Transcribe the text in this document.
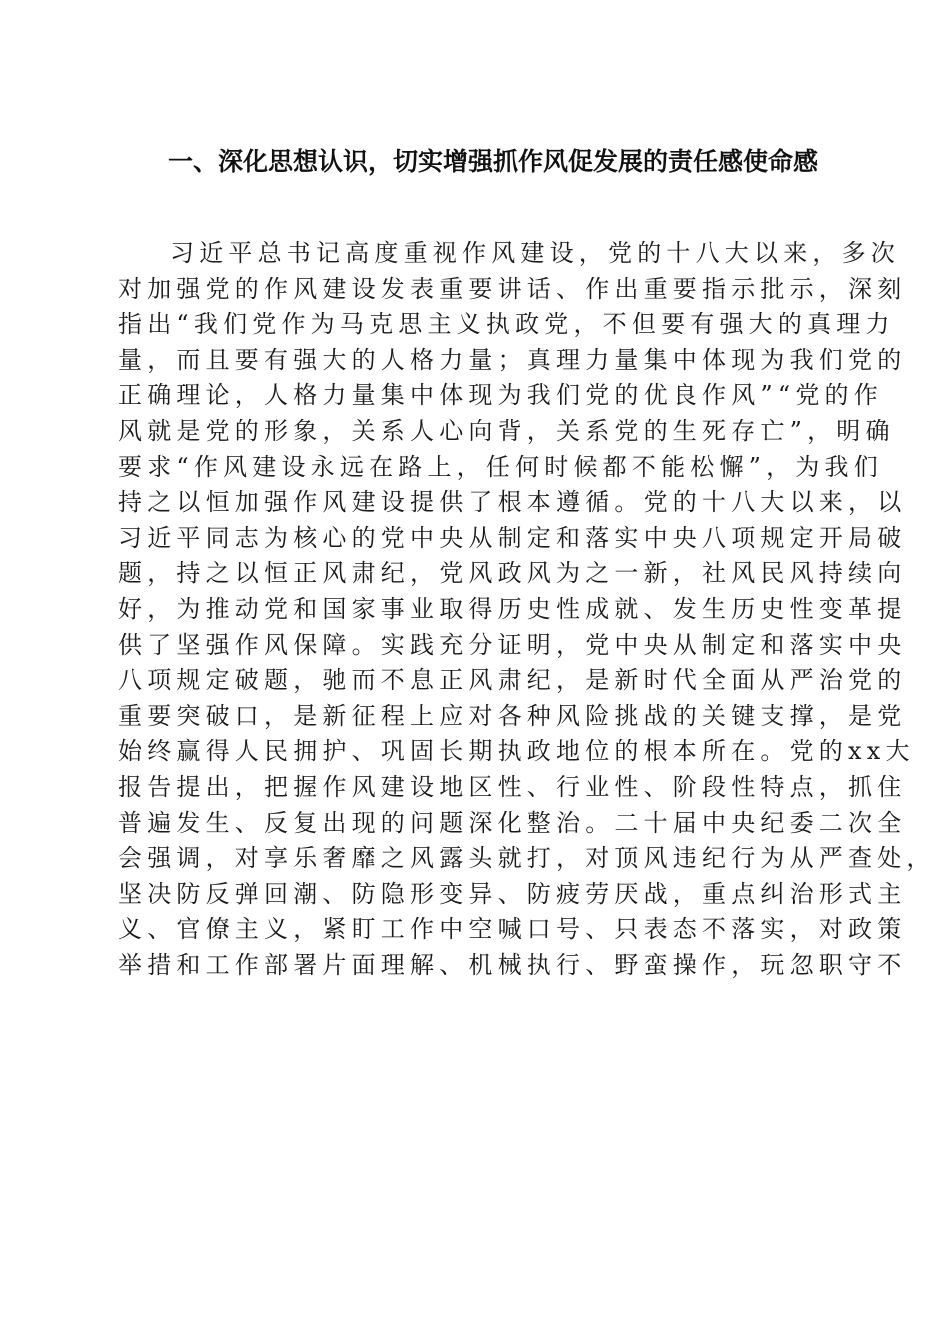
一、深化思想认识，切实增强抓作风促发展的责任感使命感
习近平总书记高度重视作风建设，党的十八大以来，多次
对加强党的作风建设发表重要讲话、作出重要指示批示，深刻
指出“我们党作为马克思主义执政党，不但要有强大的真理力
量，而且要有强大的人格力量；真理力量集中体现为我们党的
正确理论，人格力量集中体现为我们党的优良作风”“党的作
风就是党的形象，关系人心向背，关系党的生死存亡”，明确
要求“作风建设永远在路上，任何时候都不能松懈”，为我们
持之以恒加强作风建设提供了根本遵循。党的十八大以来，以
习近平同志为核心的党中央从制定和落实中央八项规定开局破
题，持之以恒正风肃纪，党风政风为之一新，社风民风持续向
好，为推动党和国家事业取得历史性成就、发生历史性变革提
供了坚强作风保障。实践充分证明，党中央从制定和落实中央
八项规定破题，驰而不息正风肃纪，是新时代全面从严治党的
重要突破口，是新征程上应对各种风险挑战的关键支撑，是党
始终赢得人民拥护、巩固长期执政地位的根本所在。党的xx大
报告提出，把握作风建设地区性、行业性、阶段性特点，抓住
普遍发生、反复出现的问题深化整治。二十届中央纪委二次全
会强调，对享乐奢靡之风露头就打，对顶风违纪行为从严查处，
坚决防反弹回潮、防隐形变异、防疲劳厌战，重点纠治形式主
义、官僚主义，紧盯工作中空喊口号、只表态不落实，对政策
举措和工作部署片面理解、机械执行、野蛮操作，玩忽职守不
